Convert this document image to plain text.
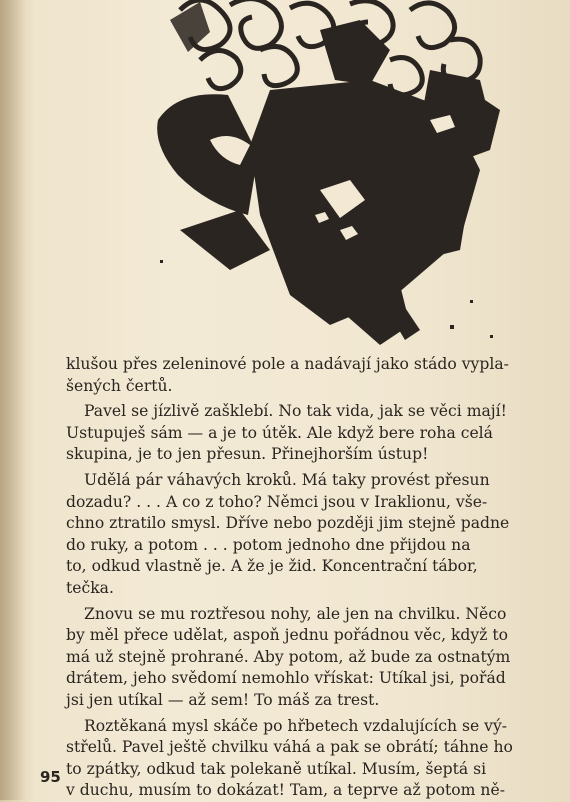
klušou přes zeleninové pole a nadávají jako stádo vypla-
šených čertů.
Pavel se jízlivě zašklebí. No tak vida, jak se věci mají!
Ustupuješ sám — a je to útěk. Ale když bere roha celá
skupina, je to jen přesun. Přinejhorším ústup!
Udělá pár váhavých kroků. Má taky provést přesun
dozadu? . . . A co z toho? Němci jsou v Iraklionu, vše-
chno ztratilo smysl. Dříve nebo později jim stejně padne
do ruky, a potom . . . potom jednoho dne přijdou na
to, odkud vlastně je. A že je žid. Koncentrační tábor,
tečka.
Znovu se mu roztřesou nohy, ale jen na chvilku. Něco
by měl přece udělat, aspoň jednu pořádnou věc, když to
má už stejně prohrané. Aby potom, až bude za ostnatým
drátem, jeho svědomí nemohlo vřískat: Utíkal jsi, pořád
jsi jen utíkal — až sem! To máš za trest.
Roztěkaná mysl skáče po hřbetech vzdalujících se vý-
střelů. Pavel ještě chvilku váhá a pak se obrátí; táhne ho
to zpátky, odkud tak polekaně utíkal. Musím, šeptá si
v duchu, musím to dokázat! Tam, a teprve až potom ně-
95
